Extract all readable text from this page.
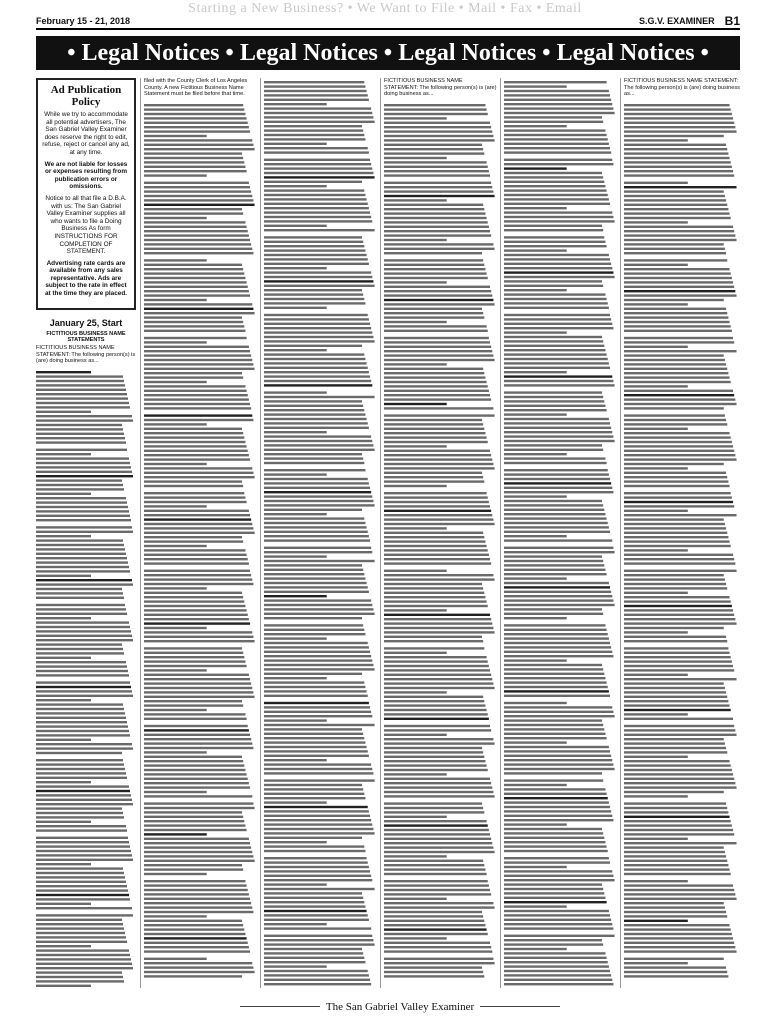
Starting a New Business? • We Want to File • Mail • Fax • Email
February 15 - 21, 2018	S.G.V. EXAMINER B1
• Legal Notices • Legal Notices • Legal Notices • Legal Notices •
Ad Publication Policy

While we try to accommodate all potential advertisers, The San Gabriel Valley Examiner does reserve the right to edit, refuse, reject or cancel any ad, at any time.

We are not liable for losses or expenses resulting from publication errors or omissions.

Notice to all that file a D.B.A. with us: The San Gabriel Valley Examiner supplies all who wants to file a Doing Business As form INSTRUCTIONS FOR COMPLETION OF STATEMENT.

Advertising rate cards are available from any sales representative. Ads are subject to the rate in effect at the time they are placed.

January 25, Start
FICTITIOUS BUSINESS NAME STATEMENTS
FICTITIOUS BUSINESS NAME STATEMENT: The following person(s) is (are) doing business as...
filed with the County Clerk of Los Angeles County. A new Fictitious Business Name Statement must be filed before that time.
FICTITIOUS BUSINESS NAME STATEMENT: The following person(s) is (are) doing business as...
FICTITIOUS BUSINESS NAME STATEMENT: The following person(s) is (are) doing business as...
The San Gabriel Valley Examiner
